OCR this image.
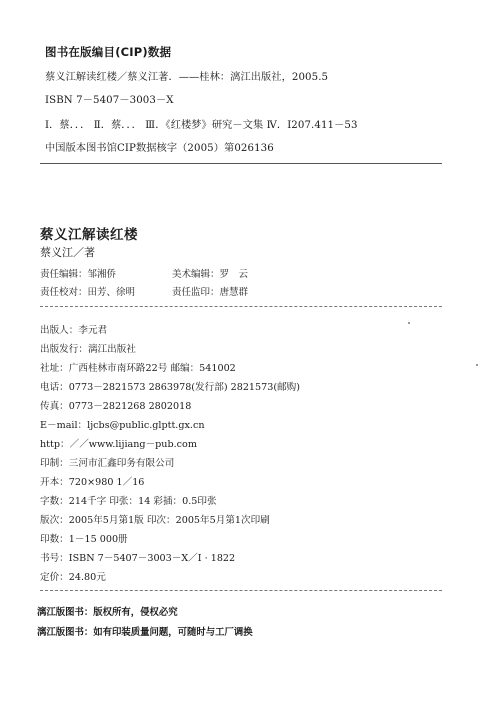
图书在版编目(CIP)数据
蔡义江解读红楼／蔡义江著．——桂林：漓江出版社，2005.5
ISBN 7－5407－3003－X
Ⅰ．蔡．．． Ⅱ．蔡．．． Ⅲ．《红楼梦》研究－文集 Ⅳ．I207.411－53
中国版本图书馆CIP数据核字（2005）第026136
蔡义江解读红楼
蔡义江／著
责任编辑：邹湘侨	美术编辑：罗　云
责任校对：田芳、徐明	责任监印：唐慧群
出版人：李元君
出版发行：漓江出版社
社址：广西桂林市南环路22号 邮编：541002
电话：0773－2821573 2863978(发行部) 2821573(邮购)
传真：0773－2821268 2802018
E－mail：ljcbs@public.glptt.gx.cn
http：／／www.lijiang－pub.com
印制：三河市汇鑫印务有限公司
开本：720×980 1／16
字数：214千字 印张：14 彩插：0.5印张
版次：2005年5月第1版 印次：2005年5月第1次印刷
印数：1－15 000册
书号：ISBN 7－5407－3003－X／I · 1822
定价：24.80元
漓江版图书：版权所有，侵权必究
漓江版图书：如有印装质量问题，可随时与工厂调换
